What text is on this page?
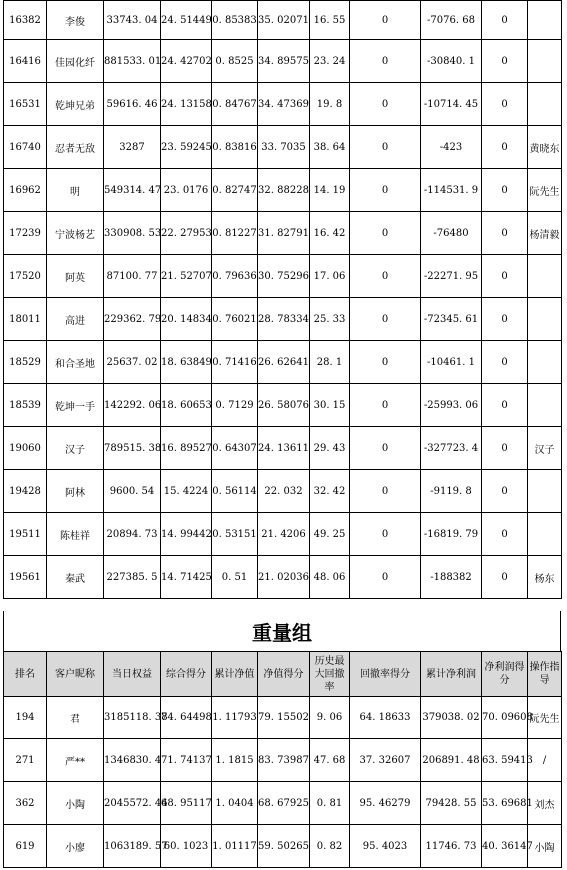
16382	李俊	33743. 04	24. 51449	0. 85383	35. 02071	16. 55	0	-7076. 68	0	
16416	佳园化纤	881533. 01	24. 42702	0. 8525	34. 89575	23. 24	0	-30840. 1	0	
16531	乾坤兄弟	59616. 46	24. 13158	0. 84767	34. 47369	19. 8	0	-10714. 45	0	
16740	忍者无敌	3287	23. 59245	0. 83816	33. 7035	38. 64	0	-423	0	黄晓东
16962	明	549314. 47	23. 0176	0. 82747	32. 88228	14. 19	0	-114531. 9	0	阮先生
17239	宁波杨艺	330908. 53	22. 27953	0. 81227	31. 82791	16. 42	0	-76480	0	杨清毅
17520	阿英	87100. 77	21. 52707	0. 79636	30. 75296	17. 06	0	-22271. 95	0	
18011	高进	229362. 79	20. 14834	0. 76021	28. 78334	25. 33	0	-72345. 61	0	
18529	和合圣地	25637. 02	18. 63849	0. 71416	26. 62641	28. 1	0	-10461. 1	0	
18539	乾坤一手	142292. 06	18. 60653	0. 7129	26. 58076	30. 15	0	-25993. 06	0	
19060	汉子	789515. 38	16. 89527	0. 64307	24. 13611	29. 43	0	-327723. 4	0	汉子
19428	阿林	9600. 54	15. 4224	0. 56114	22. 032	32. 42	0	-9119. 8	0	
19511	陈桂祥	20894. 73	14. 99442	0. 53151	21. 4206	49. 25	0	-16819. 79	0	
19561	秦武	227385. 5	14. 71425	0. 51	21. 02036	48. 06	0	-188382	0	杨东
重量组
排名	客户昵称	当日权益	综合得分	累计净值	净值得分	历史最大回撤率	回撤率得分	累计净利润	净利润得分	操作指导
194	君	3185118. 38	74. 64498	1. 11793	79. 15502	9. 06	64. 18633	379038. 02	70. 09608	阮先生
271	严**	1346830. 4	71. 74137	1. 1815	83. 73987	47. 68	37. 32607	206891. 48	63. 59413	/
362	小陶	2045572. 44	68. 95117	1. 0404	68. 67925	0. 81	95. 46279	79428. 55	53. 69681	刘杰
619	小廖	1063189. 57	60. 1023	1. 01117	59. 50265	0. 82	95. 4023	11746. 73	40. 36147	小陶
